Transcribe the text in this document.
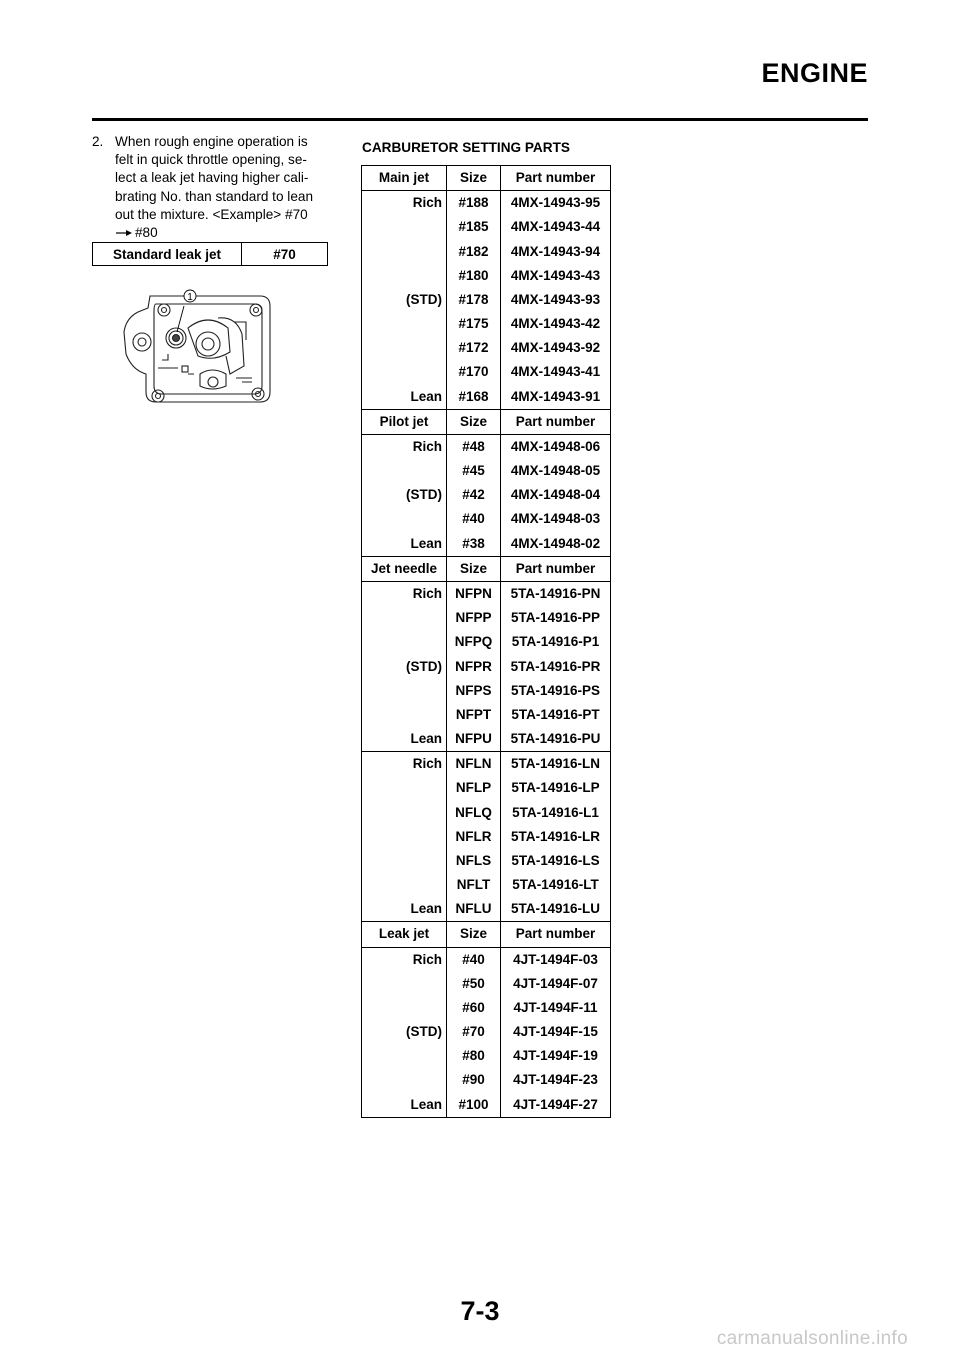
ENGINE
2. When rough engine operation is
felt in quick throttle opening, se-
lect a leak jet having higher cali-
brating No. than standard to lean
out the mixture. <Example> #70
#80
Standard leak jet	#70
1
CARBURETOR SETTING PARTS
Main jet	Size	Part number
Rich	#188	4MX-14943-95
	#185	4MX-14943-44
	#182	4MX-14943-94
	#180	4MX-14943-43
(STD)	#178	4MX-14943-93
	#175	4MX-14943-42
	#172	4MX-14943-92
	#170	4MX-14943-41
Lean	#168	4MX-14943-91
Pilot jet	Size	Part number
Rich	#48	4MX-14948-06
	#45	4MX-14948-05
(STD)	#42	4MX-14948-04
	#40	4MX-14948-03
Lean	#38	4MX-14948-02
Jet needle	Size	Part number
Rich	NFPN	5TA-14916-PN
	NFPP	5TA-14916-PP
	NFPQ	5TA-14916-P1
(STD)	NFPR	5TA-14916-PR
	NFPS	5TA-14916-PS
	NFPT	5TA-14916-PT
Lean	NFPU	5TA-14916-PU
Rich	NFLN	5TA-14916-LN
	NFLP	5TA-14916-LP
	NFLQ	5TA-14916-L1
	NFLR	5TA-14916-LR
	NFLS	5TA-14916-LS
	NFLT	5TA-14916-LT
Lean	NFLU	5TA-14916-LU
Leak jet	Size	Part number
Rich	#40	4JT-1494F-03
	#50	4JT-1494F-07
	#60	4JT-1494F-11
(STD)	#70	4JT-1494F-15
	#80	4JT-1494F-19
	#90	4JT-1494F-23
Lean	#100	4JT-1494F-27
7-3
carmanualsonline.info
